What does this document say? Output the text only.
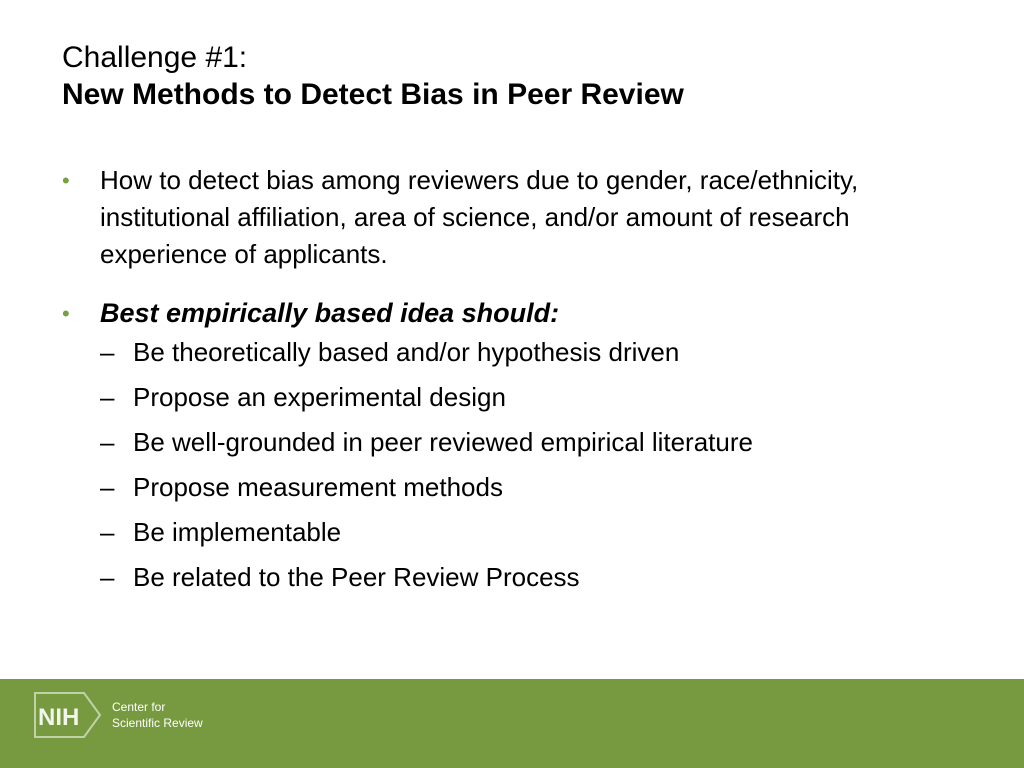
Challenge #1:
New Methods to Detect Bias in Peer Review
•	How to detect bias among reviewers due to gender, race/ethnicity, institutional affiliation, area of science, and/or amount of research experience of applicants.
•	Best empirically based idea should:
– Be theoretically based and/or hypothesis driven
– Propose an experimental design
– Be well-grounded in peer reviewed empirical literature
– Propose measurement methods
– Be implementable
– Be related to the Peer Review Process
NIH	Center for
Scientific Review
